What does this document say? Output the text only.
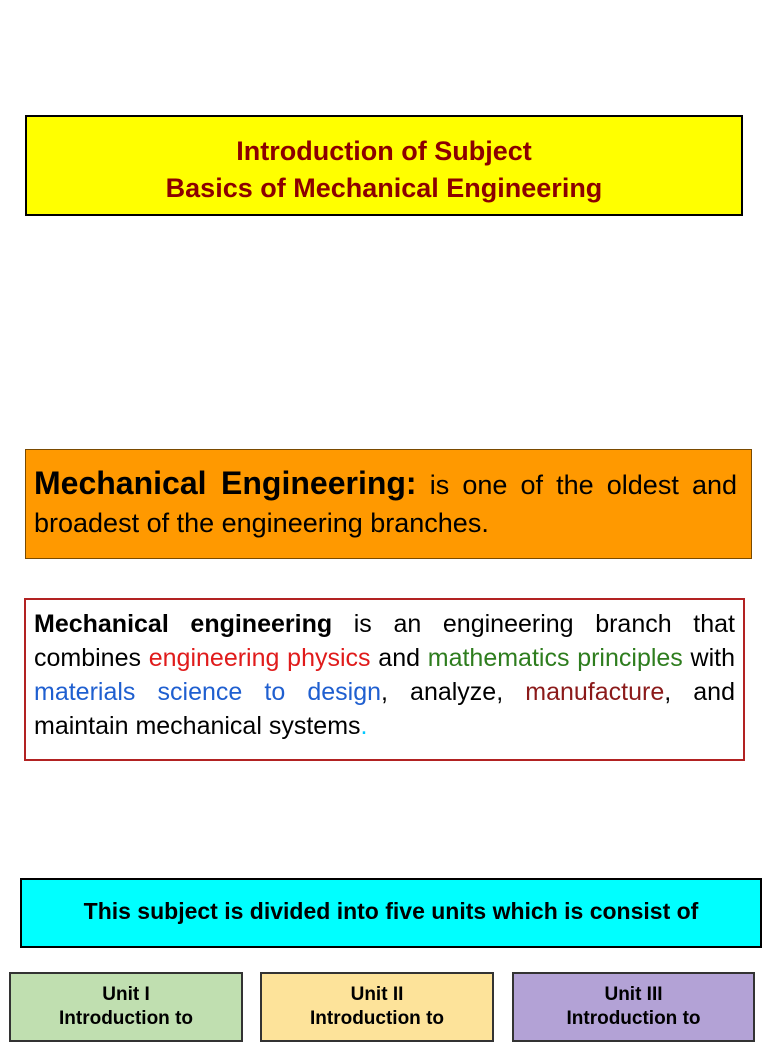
Introduction of Subject
Basics of Mechanical Engineering
Mechanical Engineering: is one of the oldest and broadest of the engineering branches.
Mechanical engineering is an engineering branch that combines engineering physics and mathematics principles with materials science to design, analyze, manufacture, and maintain mechanical systems.
This subject is divided into five units which is consist of
Unit I
Introduction to
Unit II
Introduction to
Unit III
Introduction to
